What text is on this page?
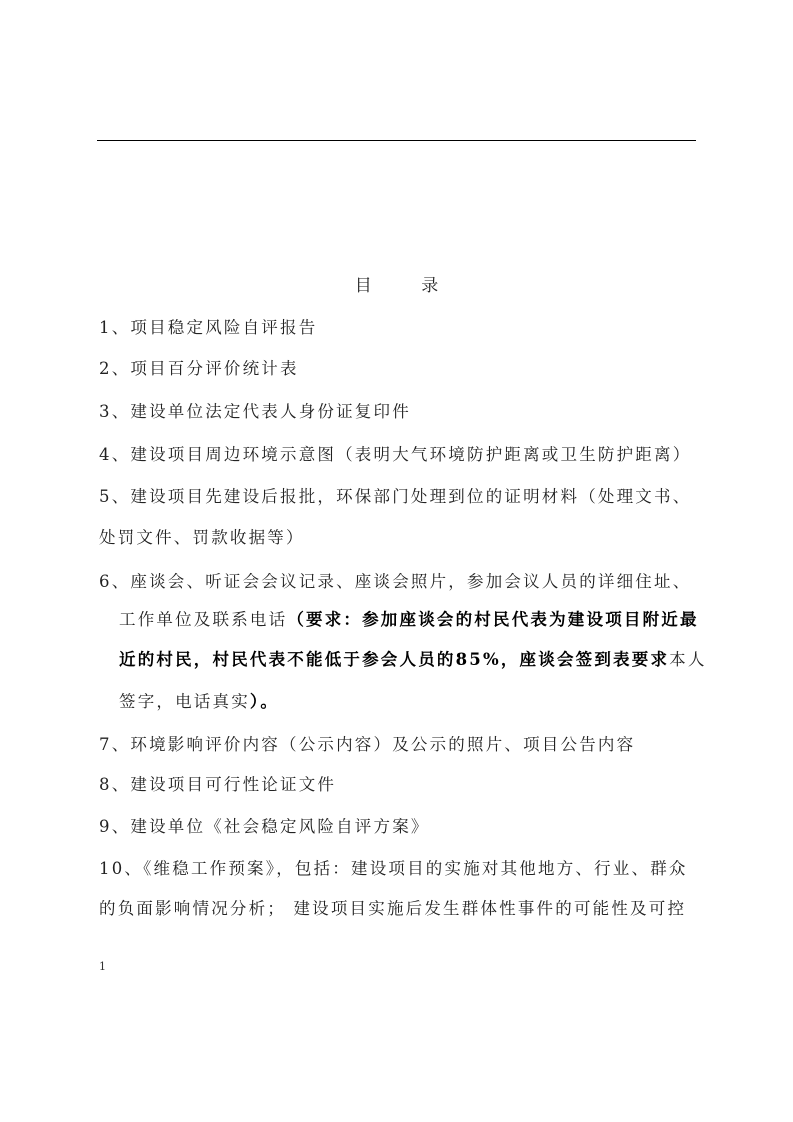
目 录
1、项目稳定风险自评报告
2、项目百分评价统计表
3、建设单位法定代表人身份证复印件
4、建设项目周边环境示意图（表明大气环境防护距离或卫生防护距离）
5、建设项目先建设后报批，环保部门处理到位的证明材料（处理文书、
处罚文件、罚款收据等）
6、座谈会、听证会会议记录、座谈会照片，参加会议人员的详细住址、
工作单位及联系电话（要求：参加座谈会的村民代表为建设项目附近最
近的村民，村民代表不能低于参会人员的85%，座谈会签到表要求本人
签字，电话真实）。
7、环境影响评价内容（公示内容）及公示的照片、项目公告内容
8、建设项目可行性论证文件
9、建设单位《社会稳定风险自评方案》
10、《维稳工作预案》，包括：建设项目的实施对其他地方、行业、群众
的负面影响情况分析； 建设项目实施后发生群体性事件的可能性及可控
1
